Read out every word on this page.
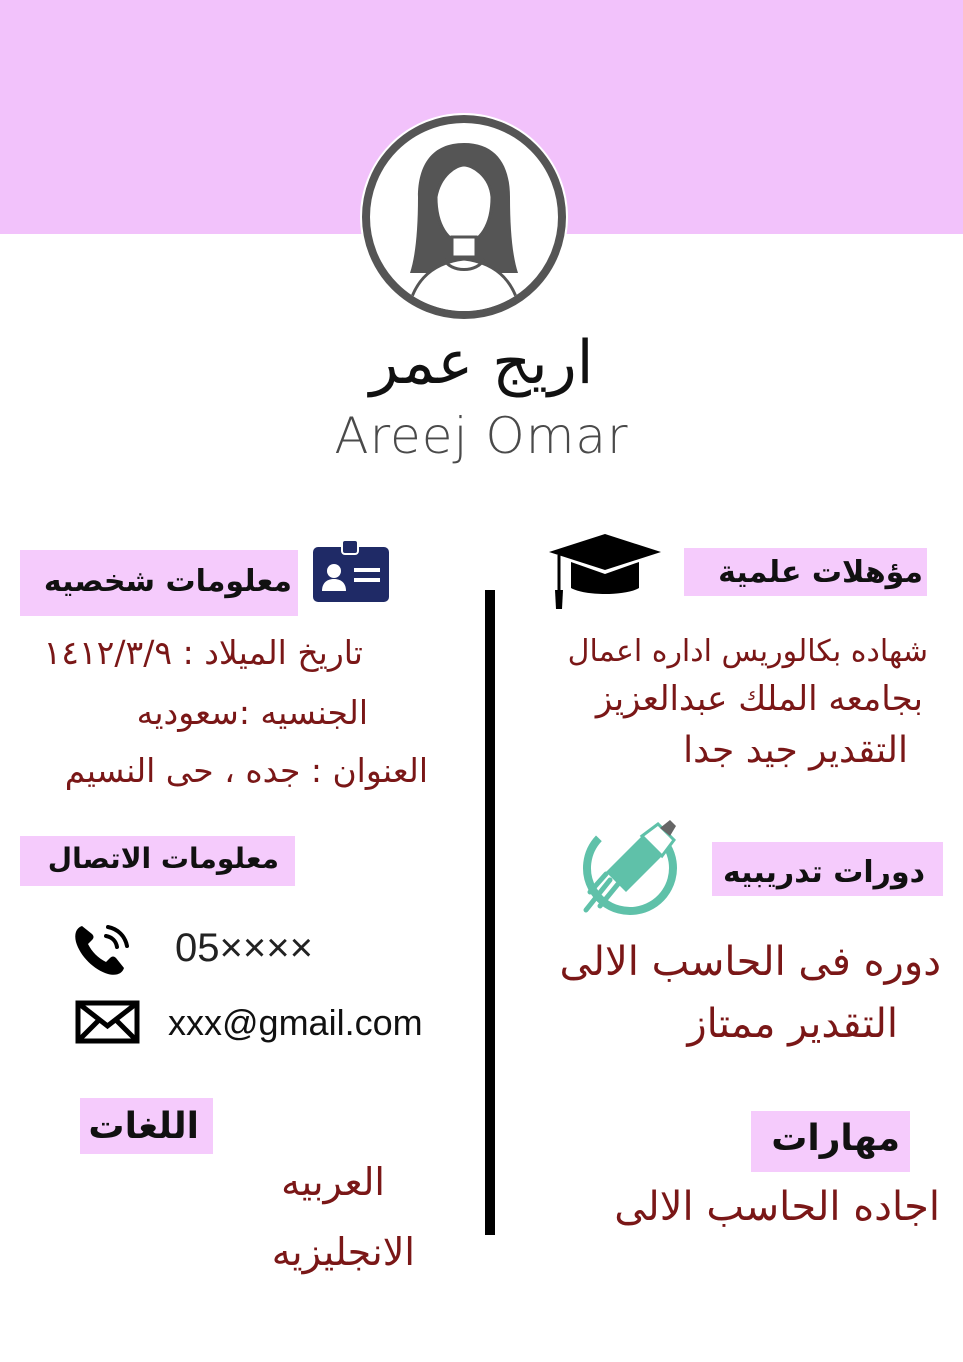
اريج عمر
Areej Omar
معلومات شخصيه
تاريخ الميلاد : ١٤١٢/٣/٩
الجنسيه :سعوديه
العنوان : جده ، حى النسيم
معلومات الاتصال
05××××
xxx@gmail.com
اللغات
العربيه
الانجليزيه
مؤهلات علمية
شهاده بكالوريس اداره اعمال
بجامعه الملك عبدالعزيز
التقدير جيد جدا
دورات تدريبيه
دوره فى الحاسب الالى
التقدير ممتاز
مهارات
اجاده الحاسب الالى
